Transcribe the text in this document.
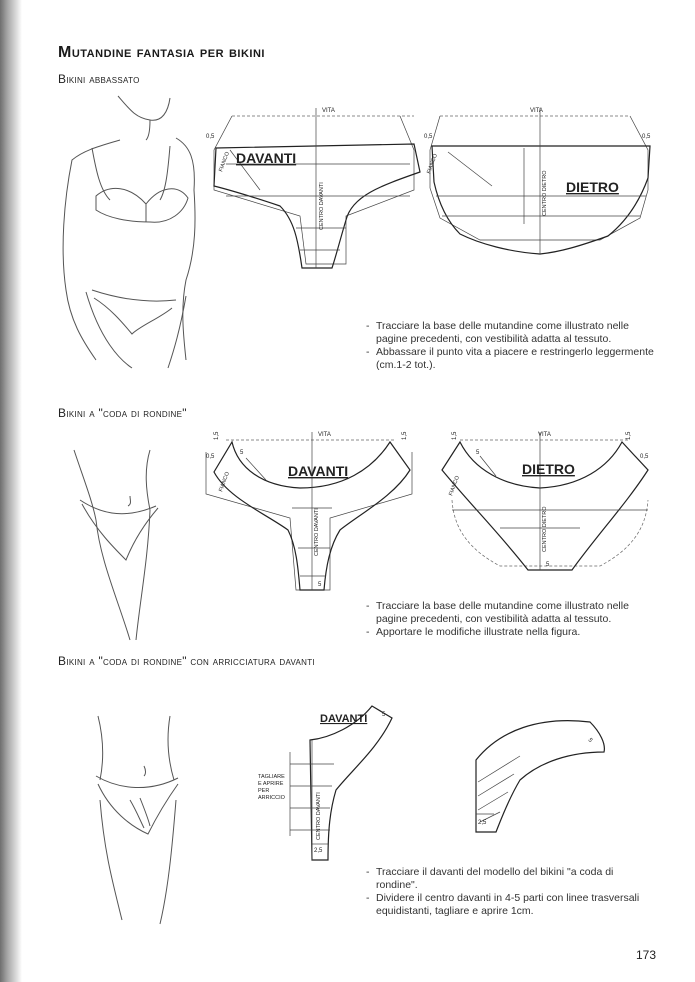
Mutandine fantasia per bikini
Bikini abbassato
Bikini a "coda di rondine"
Bikini a "coda di rondine" con arricciatura davanti
VITA
0,5
DAVANTI
FIANCO
CENTRO DAVANTI
VITA
0,5	0,5
DIETRO
FIANCO
CENTRO DIETRO
VITA
0,5
1,5	1,5
5
5
DAVANTI
FIANCO
CENTRO DAVANTI
VITA
0,5
1,5	1,5
5
5
DIETRO
FIANCO
CENTRO DIETRO
DAVANTI 5
2,5
TAGLIARE
E APRIRE
PER
ARRICCIO	CENTRO DAVANTI
5
2,5
- Tracciare la base delle mutandine come illustrato nelle pagine precedenti, con vestibilità adatta al tessuto.
- Abbassare il punto vita a piacere e restringerlo leggermente (cm.1-2 tot.).
- Tracciare la base delle mutandine come illustrato nelle pagine precedenti, con vestibilità adatta al tessuto.
- Apportare le modifiche illustrate nella figura.
- Tracciare il davanti del modello del bikini "a coda di rondine".
- Dividere il centro davanti in 4-5 parti con linee trasversali equidistanti, tagliare e aprire 1cm.
173
